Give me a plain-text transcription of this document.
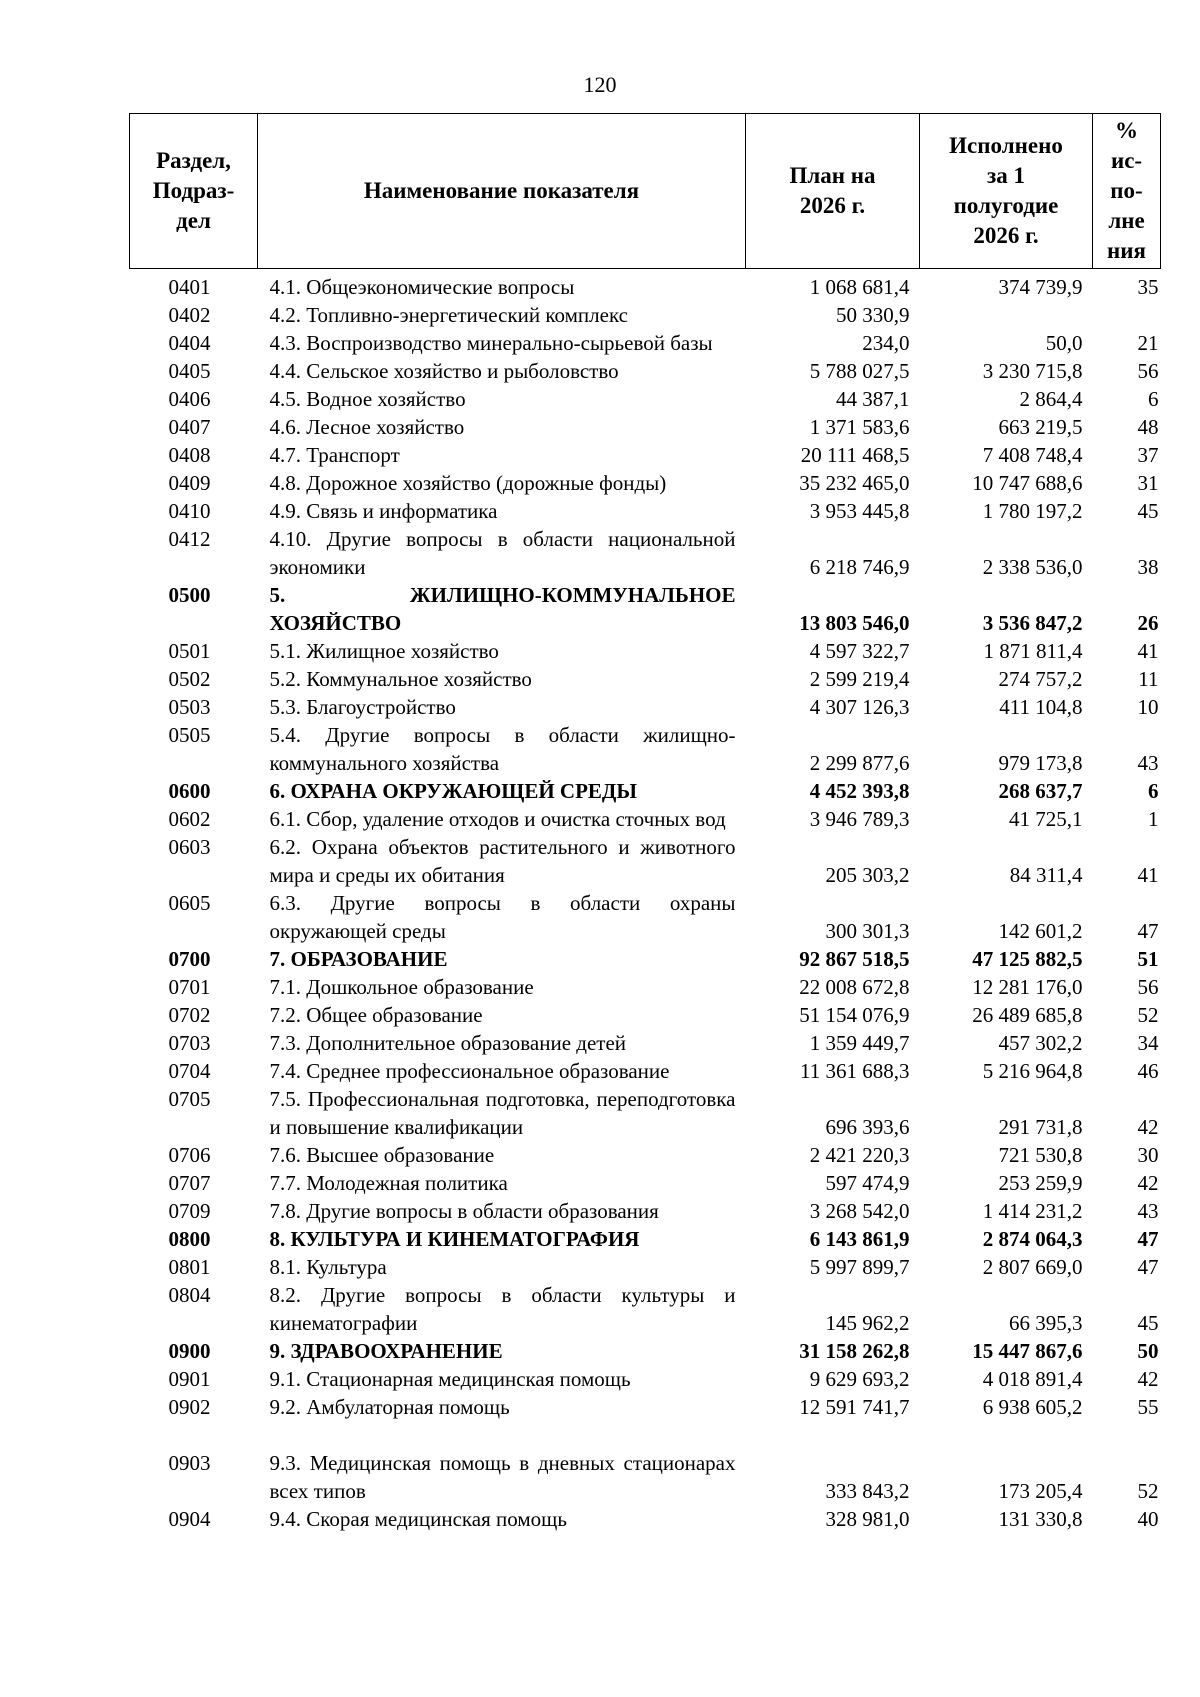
120
Раздел,
Подраз-
дел	Наименование показателя	План на
2026 г.	Исполнено
за 1
полугодие
2026 г.	%
ис-
по-
лне
ния
0401	4.1. Общеэкономические вопросы	1 068 681,4	374 739,9	35
0402	4.2. Топливно-энергетический комплекс	50 330,9		
0404	4.3. Воспроизводство минерально-сырьевой базы	234,0	50,0	21
0405	4.4. Сельское хозяйство и рыболовство	5 788 027,5	3 230 715,8	56
0406	4.5. Водное хозяйство	44 387,1	2 864,4	6
0407	4.6. Лесное хозяйство	1 371 583,6	663 219,5	48
0408	4.7. Транспорт	20 111 468,5	7 408 748,4	37
0409	4.8. Дорожное хозяйство (дорожные фонды)	35 232 465,0	10 747 688,6	31
0410	4.9. Связь и информатика	3 953 445,8	1 780 197,2	45
0412	4.10. Другие вопросы в области национальной экономики	6 218 746,9	2 338 536,0	38
0500	5. ЖИЛИЩНО-КОММУНАЛЬНОЕ ХОЗЯЙСТВО	13 803 546,0	3 536 847,2	26
0501	5.1. Жилищное хозяйство	4 597 322,7	1 871 811,4	41
0502	5.2. Коммунальное хозяйство	2 599 219,4	274 757,2	11
0503	5.3. Благоустройство	4 307 126,3	411 104,8	10
0505	5.4. Другие вопросы в области жилищно-коммунального хозяйства	2 299 877,6	979 173,8	43
0600	6. ОХРАНА ОКРУЖАЮЩЕЙ СРЕДЫ	4 452 393,8	268 637,7	6
0602	6.1. Сбор, удаление отходов и очистка сточных вод	3 946 789,3	41 725,1	1
0603	6.2. Охрана объектов растительного и животного мира и среды их обитания	205 303,2	84 311,4	41
0605	6.3. Другие вопросы в области охраны окружающей среды	300 301,3	142 601,2	47
0700	7. ОБРАЗОВАНИЕ	92 867 518,5	47 125 882,5	51
0701	7.1. Дошкольное образование	22 008 672,8	12 281 176,0	56
0702	7.2. Общее образование	51 154 076,9	26 489 685,8	52
0703	7.3. Дополнительное образование детей	1 359 449,7	457 302,2	34
0704	7.4. Среднее профессиональное образование	11 361 688,3	5 216 964,8	46
0705	7.5. Профессиональная подготовка, переподготовка и повышение квалификации	696 393,6	291 731,8	42
0706	7.6. Высшее образование	2 421 220,3	721 530,8	30
0707	7.7. Молодежная политика	597 474,9	253 259,9	42
0709	7.8. Другие вопросы в области образования	3 268 542,0	1 414 231,2	43
0800	8. КУЛЬТУРА И КИНЕМАТОГРАФИЯ	6 143 861,9	2 874 064,3	47
0801	8.1. Культура	5 997 899,7	2 807 669,0	47
0804	8.2. Другие вопросы в области культуры и кинематографии	145 962,2	66 395,3	45
0900	9. ЗДРАВООХРАНЕНИЕ	31 158 262,8	15 447 867,6	50
0901	9.1. Стационарная медицинская помощь	9 629 693,2	4 018 891,4	42
0902	9.2. Амбулаторная помощь	12 591 741,7	6 938 605,2	55

0903	9.3. Медицинская помощь в дневных стационарах всех типов	333 843,2	173 205,4	52
0904	9.4. Скорая медицинская помощь	328 981,0	131 330,8	40
